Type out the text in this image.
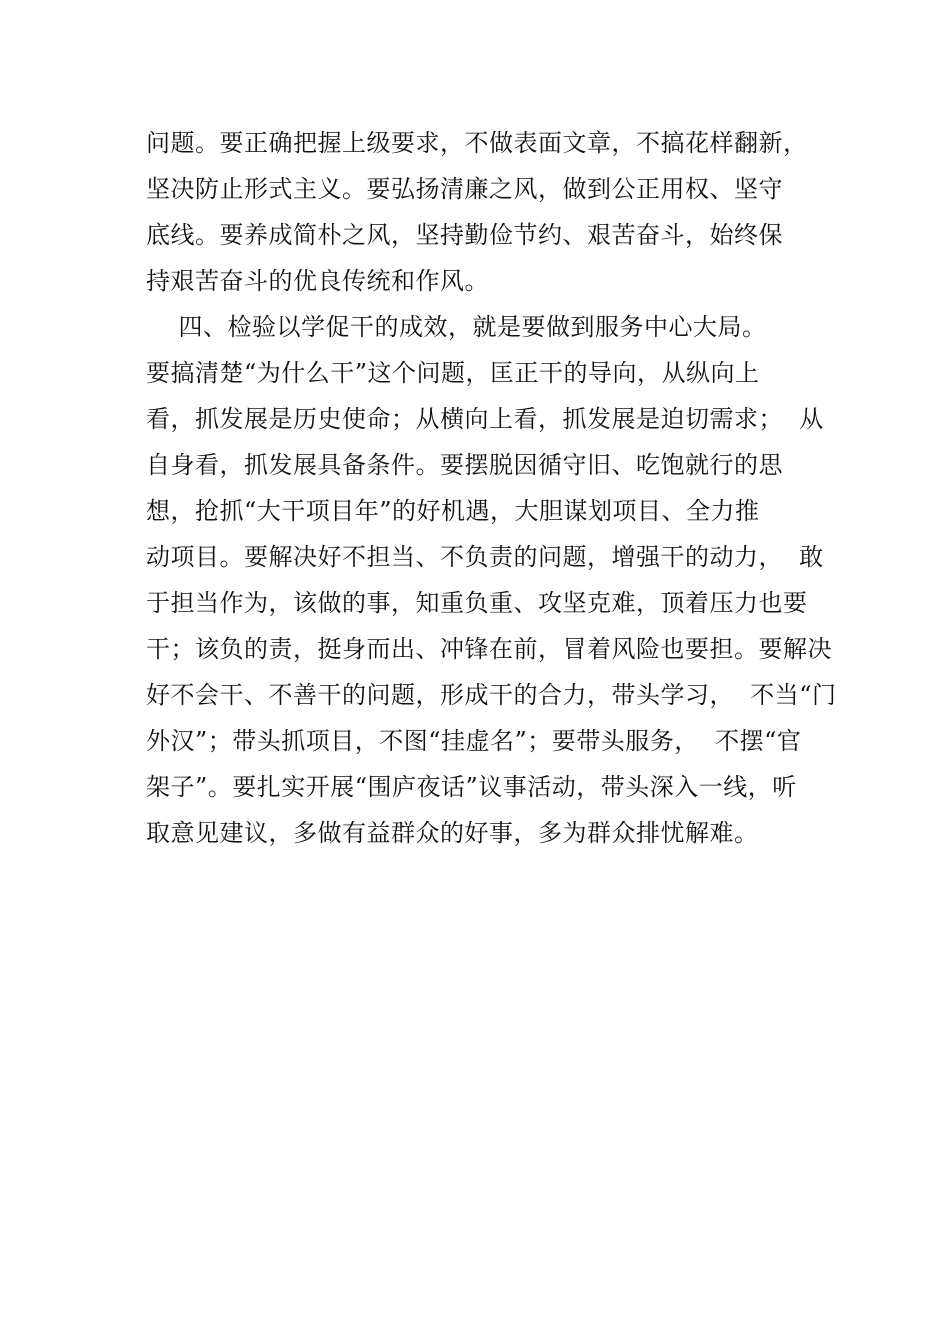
问题。要正确把握上级要求，不做表面文章，不搞花样翻新，
坚决防止形式主义。要弘扬清廉之风，做到公正用权、坚守
底线。要养成简朴之风，坚持勤俭节约、艰苦奋斗，始终保
持艰苦奋斗的优良传统和作风。
四、检验以学促干的成效，就是要做到服务中心大局。
要搞清楚“为什么干”这个问题，匡正干的导向，从纵向上
看，抓发展是历史使命；从横向上看，抓发展是迫切需求；  从
自身看，抓发展具备条件。要摆脱因循守旧、吃饱就行的思
想，抢抓“大干项目年”的好机遇，大胆谋划项目、全力推
动项目。要解决好不担当、不负责的问题，增强干的动力，  敢
于担当作为，该做的事，知重负重、攻坚克难，顶着压力也要
干；该负的责，挺身而出、冲锋在前，冒着风险也要担。要解决
好不会干、不善干的问题，形成干的合力，带头学习，  不当“门
外汉”；带头抓项目，不图“挂虚名”；要带头服务，  不摆“官
架子”。要扎实开展“围庐夜话”议事活动，带头深入一线，听
取意见建议，多做有益群众的好事，多为群众排忧解难。
